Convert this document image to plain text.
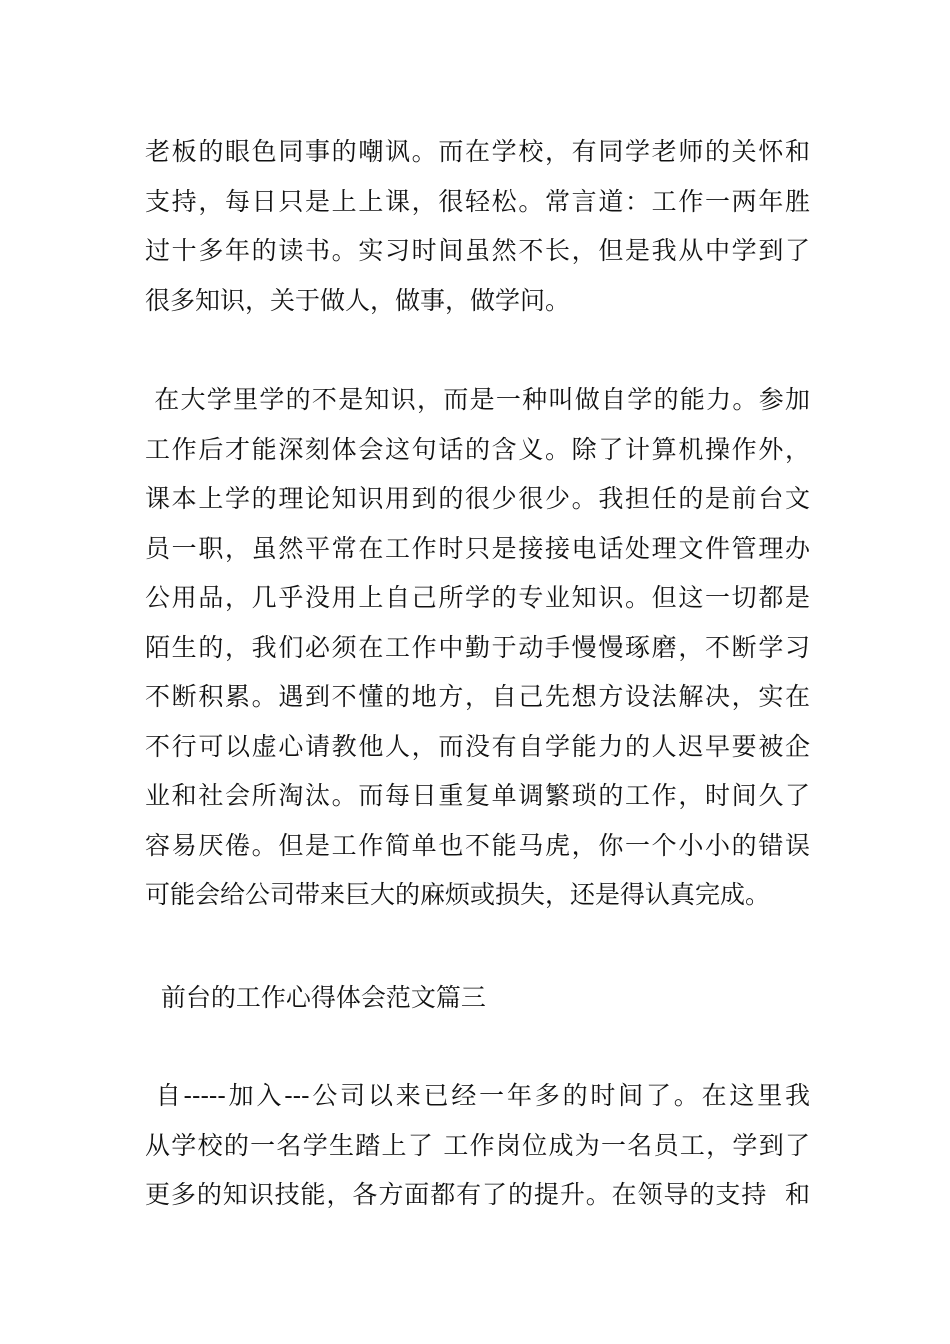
老板的眼色同事的嘲讽。而在学校，有同学老师的关怀和
支持，每日只是上上课，很轻松。常言道：工作一两年胜
过十多年的读书。实习时间虽然不长，但是我从中学到了
很多知识，关于做人，做事，做学问。
在大学里学的不是知识，而是一种叫做自学的能力。参加
工作后才能深刻体会这句话的含义。除了计算机操作外，
课本上学的理论知识用到的很少很少。我担任的是前台文
员一职，虽然平常在工作时只是接接电话处理文件管理办
公用品，几乎没用上自己所学的专业知识。但这一切都是
陌生的，我们必须在工作中勤于动手慢慢琢磨，不断学习
不断积累。遇到不懂的地方，自己先想方设法解决，实在
不行可以虚心请教他人，而没有自学能力的人迟早要被企
业和社会所淘汰。而每日重复单调繁琐的工作，时间久了
容易厌倦。但是工作简单也不能马虎，你一个小小的错误
可能会给公司带来巨大的麻烦或损失，还是得认真完成。
前台的工作心得体会范文篇三
自-----加入---公司以来已经一年多的时间了。在这里我
从学校的一名学生踏上了 工作岗位成为一名员工，学到了
更多的知识技能，各方面都有了的提升。在领导的支持  和
